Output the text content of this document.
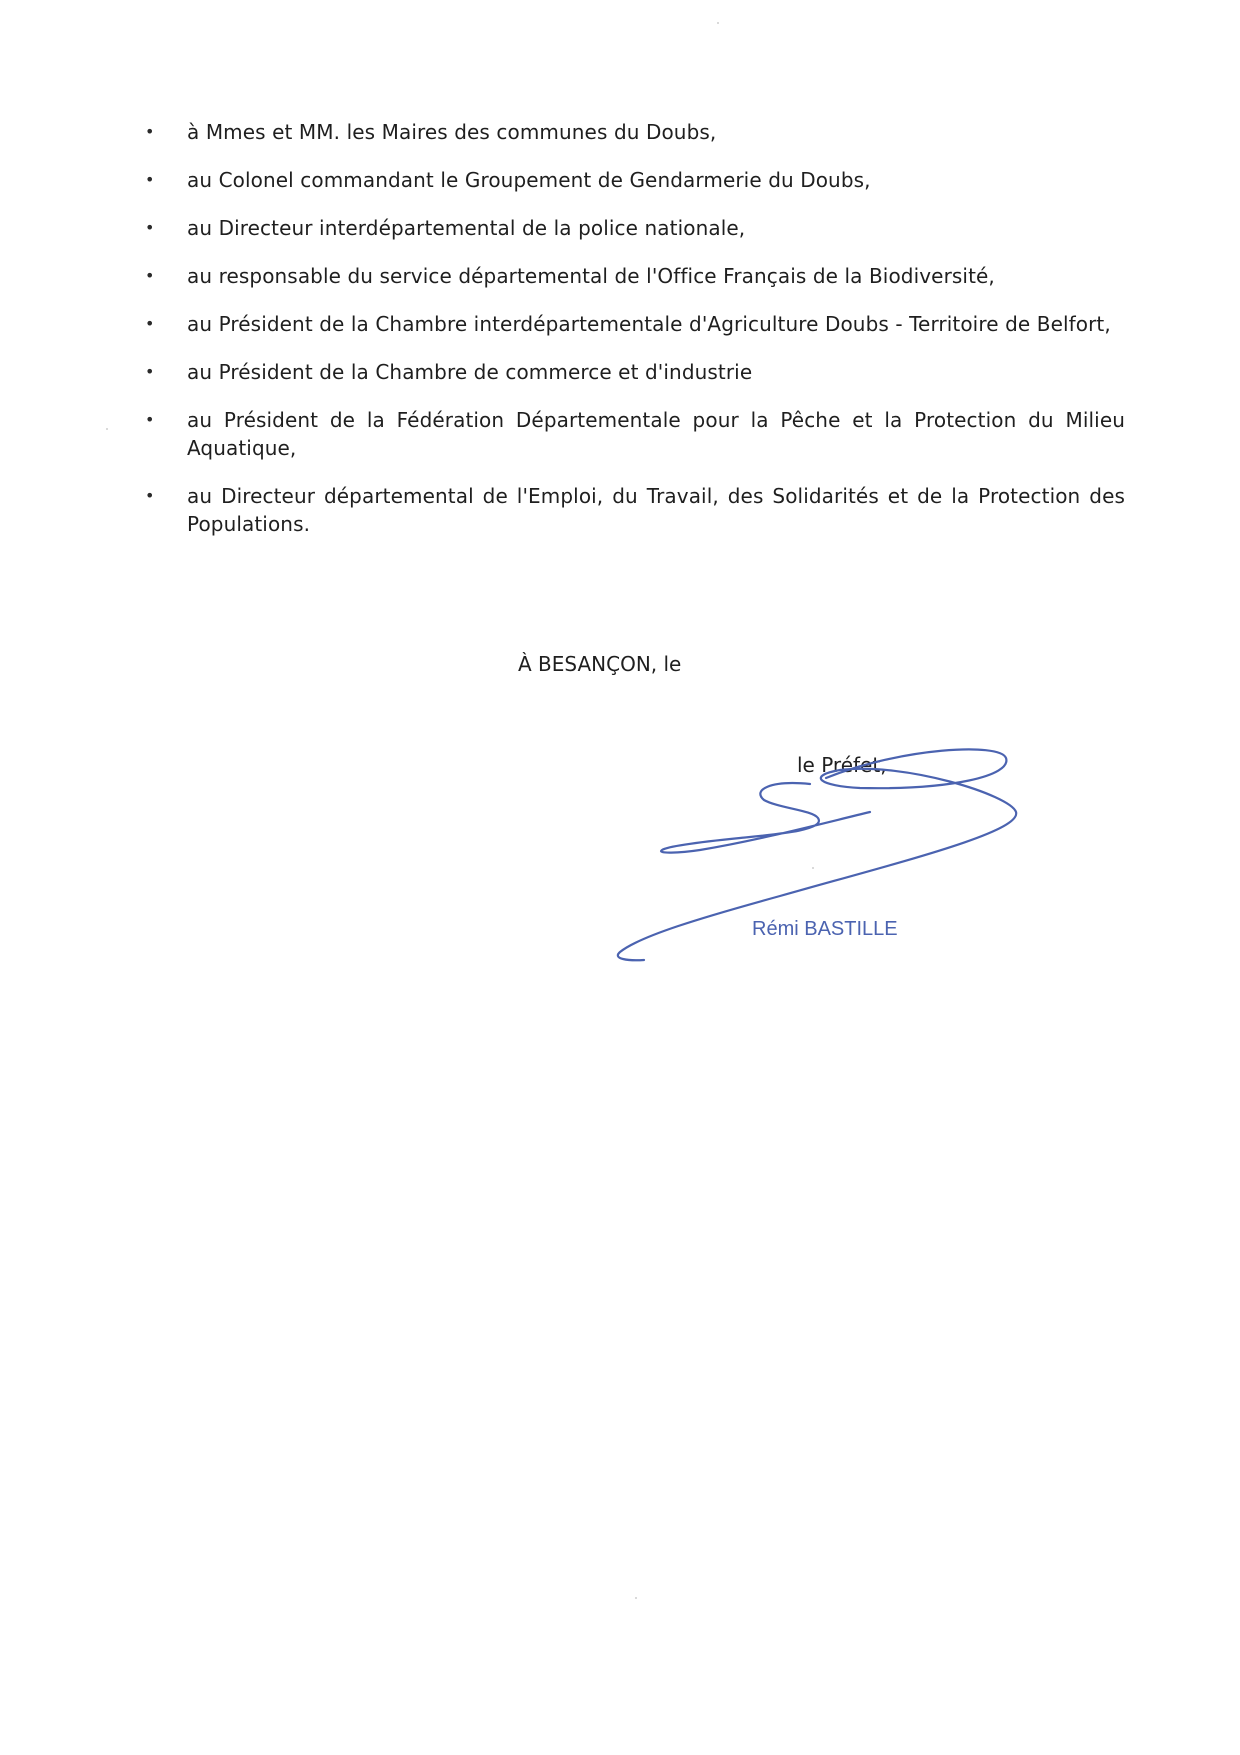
• à Mmes et MM. les Maires des communes du Doubs,
• au Colonel commandant le Groupement de Gendarmerie du Doubs,
• au Directeur interdépartemental de la police nationale,
• au responsable du service départemental de l'Office Français de la Biodiversité,
• au Président de la Chambre interdépartementale d'Agriculture Doubs - Territoire de Belfort,
• au Président de la Chambre de commerce et d'industrie
• au Président de la Fédération Départementale pour la Pêche et la Protection du Milieu Aquatique,
• au Directeur départemental de l'Emploi, du Travail, des Solidarités et de la Protection des Populations.
À BESANÇON, le
le Préfet,
Rémi BASTILLE
